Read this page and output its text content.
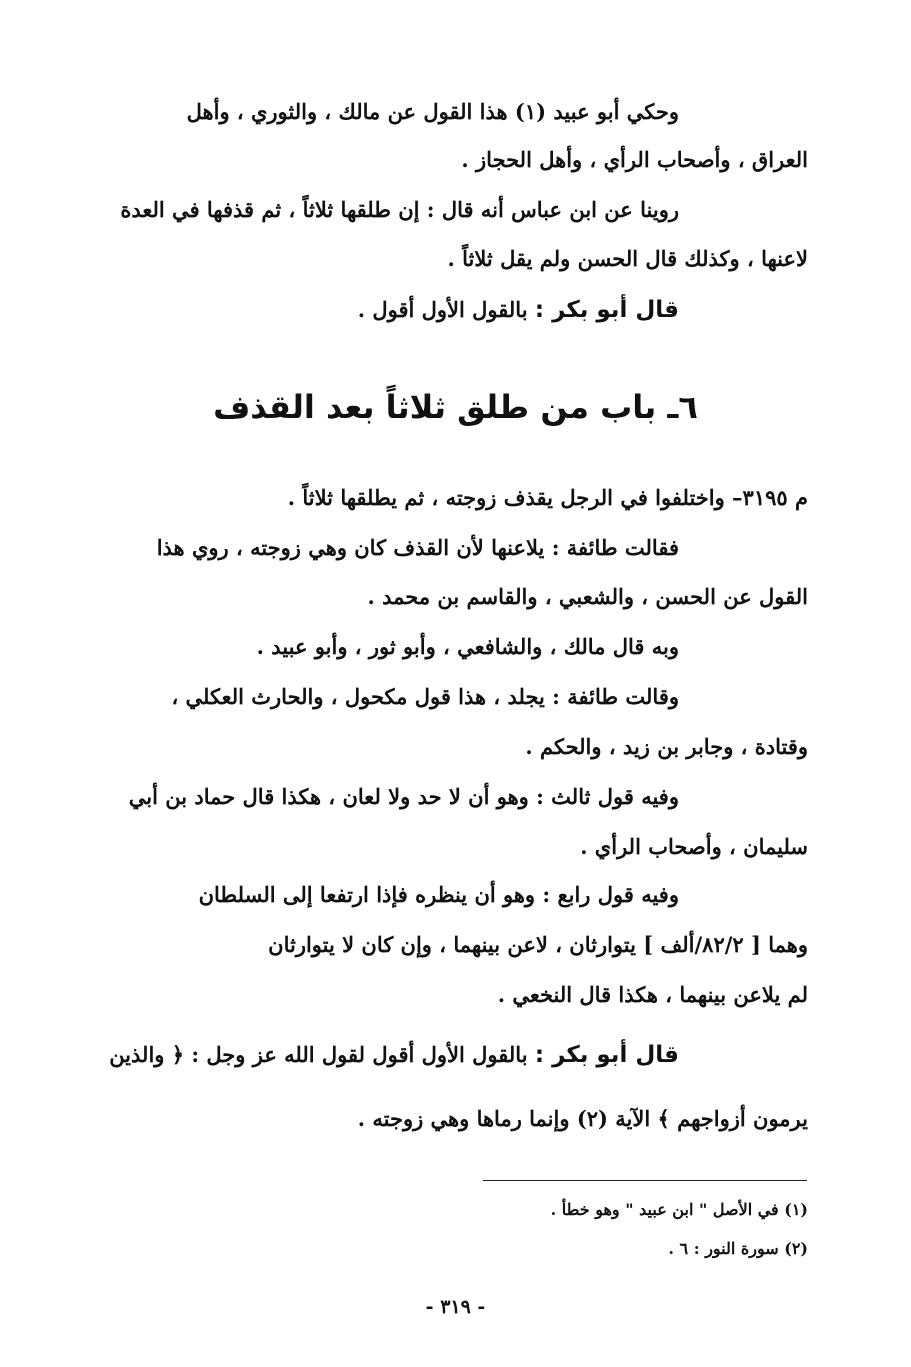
وحكي أبو عبيد (١) هذا القول عن مالك ، والثوري ، وأهل
العراق ، وأصحاب الرأي ، وأهل الحجاز .
روينا عن ابن عباس أنه قال : إن طلقها ثلاثاً ، ثم قذفها في العدة
لاعنها ، وكذلك قال الحسن ولم يقل ثلاثاً .
قال أبو بكر : بالقول الأول أقول .
٦ـ باب من طلق ثلاثاً بعد القذف
م ٣١٩٥– واختلفوا في الرجل يقذف زوجته ، ثم يطلقها ثلاثاً .
فقالت طائفة : يلاعنها لأن القذف كان وهي زوجته ، روي هذا
القول عن الحسن ، والشعبي ، والقاسم بن محمد .
وبه قال مالك ، والشافعي ، وأبو ثور ، وأبو عبيد .
وقالت طائفة : يجلد ، هذا قول مكحول ، والحارث العكلي ،
وقتادة ، وجابر بن زيد ، والحكم .
وفيه قول ثالث : وهو أن لا حد ولا لعان ، هكذا قال حماد بن أبي
سليمان ، وأصحاب الرأي .
وفيه قول رابع : وهو أن ينظره فإذا ارتفعا إلى السلطان
وهما [ ٨٢/٢/ألف ] يتوارثان ، لاعن بينهما ، وإن كان لا يتوارثان
لم يلاعن بينهما ، هكذا قال النخعي .
قال أبو بكر : بالقول الأول أقول لقول الله عز وجل : ﴿ والذين
يرمون أزواجهم ﴾ الآية (٢) وإنما رماها وهي زوجته .
(١) في الأصل " ابن عبيد " وهو خطأ .
(٢) سورة النور : ٦ .
- ٣١٩ -
